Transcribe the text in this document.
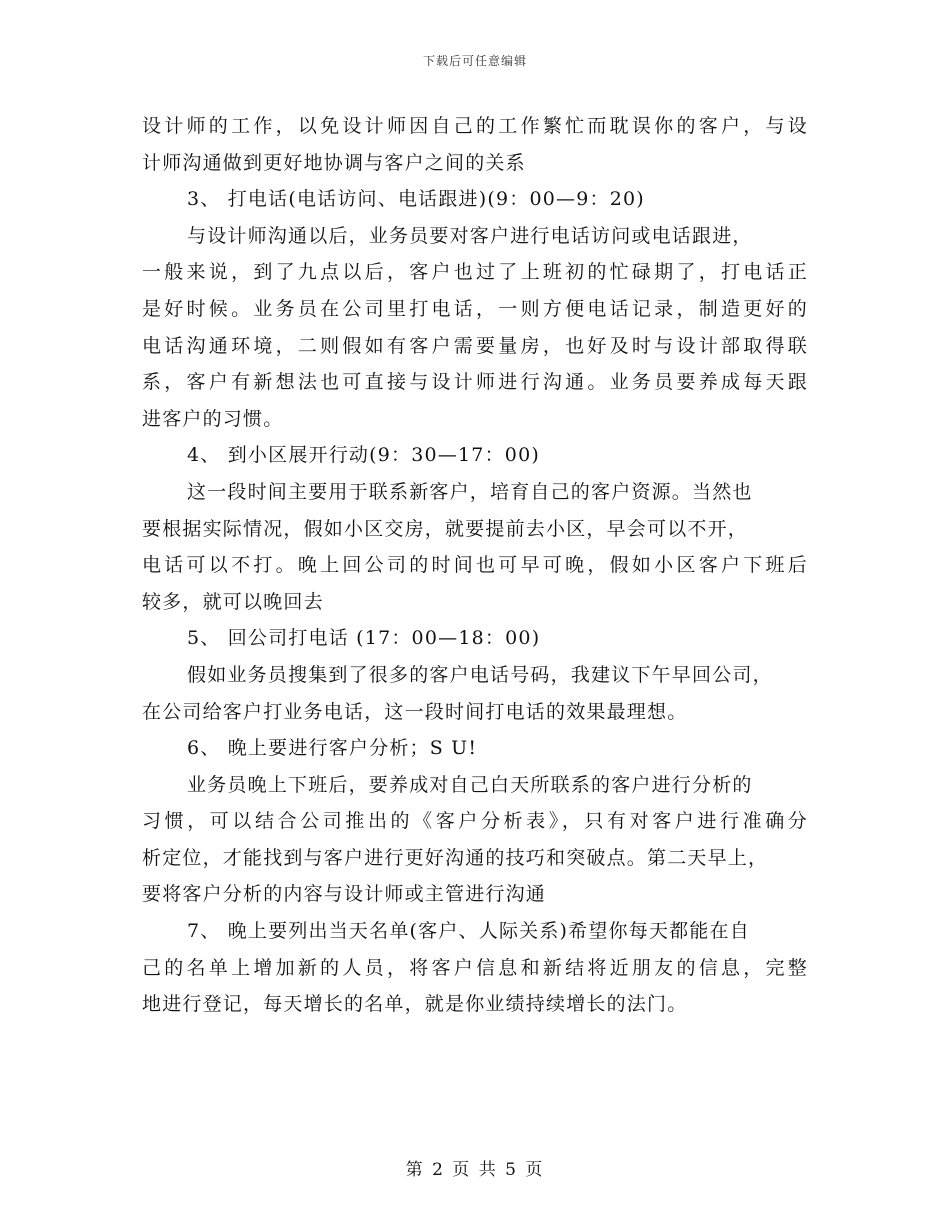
下载后可任意编辑
设计师的工作，以免设计师因自己的工作繁忙而耽误你的客户，与设
计师沟通做到更好地协调与客户之间的关系
3、 打电话(电话访问、电话跟进)(9：00—9：20)
与设计师沟通以后，业务员要对客户进行电话访问或电话跟进，
一般来说，到了九点以后，客户也过了上班初的忙碌期了，打电话正
是好时候。业务员在公司里打电话，一则方便电话记录，制造更好的
电话沟通环境，二则假如有客户需要量房，也好及时与设计部取得联
系，客户有新想法也可直接与设计师进行沟通。业务员要养成每天跟
进客户的习惯。
4、 到小区展开行动(9：30—17：00)
这一段时间主要用于联系新客户，培育自己的客户资源。当然也
要根据实际情况，假如小区交房，就要提前去小区，早会可以不开，
电话可以不打。晚上回公司的时间也可早可晚，假如小区客户下班后
较多，就可以晚回去
5、 回公司打电话 (17：00—18：00)
假如业务员搜集到了很多的客户电话号码，我建议下午早回公司，
在公司给客户打业务电话，这一段时间打电话的效果最理想。
6、 晚上要进行客户分析；S U!
业务员晚上下班后，要养成对自己白天所联系的客户进行分析的
习惯，可以结合公司推出的《客户分析表》，只有对客户进行准确分
析定位，才能找到与客户进行更好沟通的技巧和突破点。第二天早上，
要将客户分析的内容与设计师或主管进行沟通
7、 晚上要列出当天名单(客户、人际关系)希望你每天都能在自
己的名单上增加新的人员，将客户信息和新结将近朋友的信息，完整
地进行登记，每天增长的名单，就是你业绩持续增长的法门。
第 2 页 共 5 页
